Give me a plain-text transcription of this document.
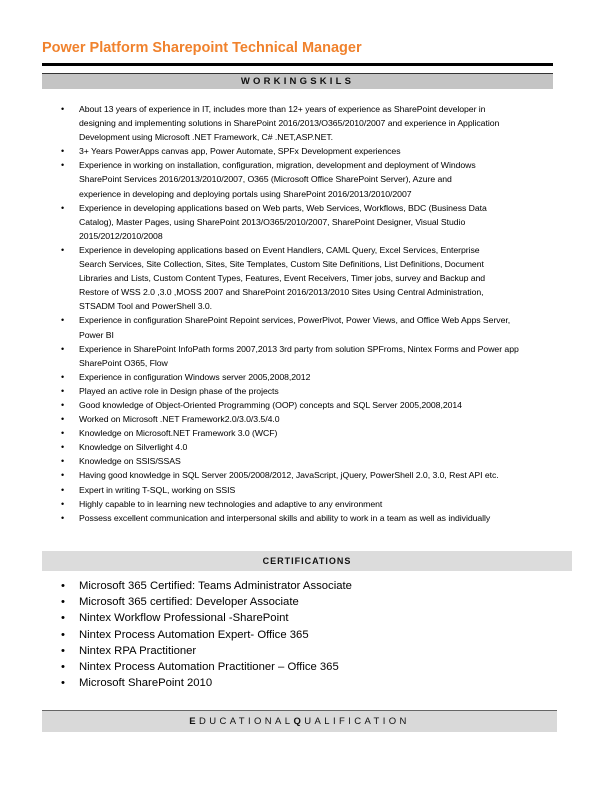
Power Platform Sharepoint Technical Manager
WORKINGSKILS
• About 13 years of experience in IT, includes more than 12+ years of experience as SharePoint developer in
designing and implementing solutions in SharePoint 2016/2013/O365/2010/2007 and experience in Application
Development using Microsoft .NET Framework, C# .NET,ASP.NET.
• 3+ Years PowerApps canvas app, Power Automate, SPFx Development experiences
• Experience in working on installation, configuration, migration, development and deployment of Windows
SharePoint Services 2016/2013/2010/2007, O365 (Microsoft Office SharePoint Server), Azure and
experience in developing and deploying portals using SharePoint 2016/2013/2010/2007
• Experience in developing applications based on Web parts, Web Services, Workflows, BDC (Business Data
Catalog), Master Pages, using SharePoint 2013/O365/2010/2007, SharePoint Designer, Visual Studio
2015/2012/2010/2008
• Experience in developing applications based on Event Handlers, CAML Query, Excel Services, Enterprise
Search Services, Site Collection, Sites, Site Templates, Custom Site Definitions, List Definitions, Document
Libraries and Lists, Custom Content Types, Features, Event Receivers, Timer jobs, survey and Backup and
Restore of WSS 2.0 ,3.0 ,MOSS 2007 and SharePoint 2016/2013/2010 Sites Using Central Administration,
STSADM Tool and PowerShell 3.0.
• Experience in configuration SharePoint Repoint services, PowerPivot, Power Views, and Office Web Apps Server,
Power BI
• Experience in SharePoint InfoPath forms 2007,2013 3rd party from solution SPFroms, Nintex Forms and Power app
SharePoint O365, Flow
• Experience in configuration Windows server 2005,2008,2012
• Played an active role in Design phase of the projects
• Good knowledge of Object-Oriented Programming (OOP) concepts and SQL Server 2005,2008,2014
• Worked on Microsoft .NET Framework2.0/3.0/3.5/4.0
• Knowledge on Microsoft.NET Framework 3.0 (WCF)
• Knowledge on Silverlight 4.0
• Knowledge on SSIS/SSAS
• Having good knowledge in SQL Server 2005/2008/2012, JavaScript, jQuery, PowerShell 2.0, 3.0, Rest API etc.
• Expert in writing T-SQL, working on SSIS
• Highly capable to in learning new technologies and adaptive to any environment
• Possess excellent communication and interpersonal skills and ability to work in a team as well as individually
CERTIFICATIONS
• Microsoft 365 Certified: Teams Administrator Associate
• Microsoft 365 certified: Developer Associate
• Nintex Workflow Professional -SharePoint
• Nintex Process Automation Expert- Office 365
• Nintex RPA Practitioner
• Nintex Process Automation Practitioner – Office 365
• Microsoft SharePoint 2010
EDUCATIONALQUALIFICATION
